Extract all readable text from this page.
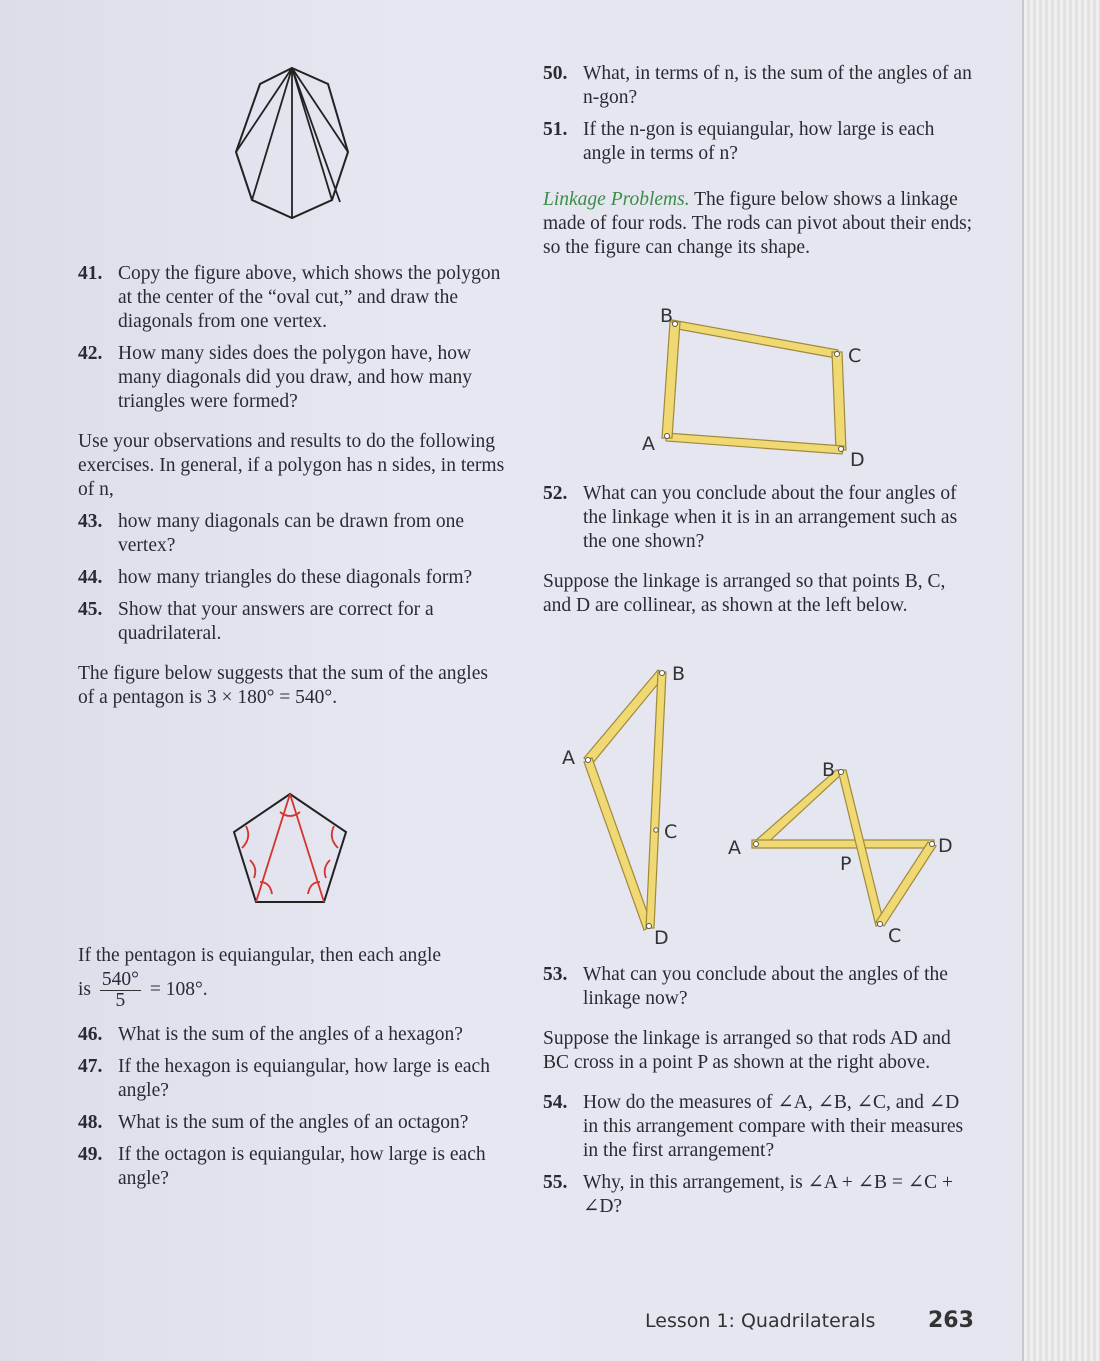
41. Copy the figure above, which shows the polygon at the center of the “oval cut,” and draw the diagonals from one vertex.
42. How many sides does the polygon have, how many diagonals did you draw, and how many triangles were formed?
Use your observations and results to do the following exercises. In general, if a polygon has n sides, in terms of n,
43. how many diagonals can be drawn from one vertex?
44. how many triangles do these diagonals form?
45. Show that your answers are correct for a quadrilateral.
The figure below suggests that the sum of the angles of a pentagon is 3 × 180° = 540°.
If the pentagon is equiangular, then each angle
is $\frac{540^\circ}{5} = 108^\circ$.
46. What is the sum of the angles of a hexagon?
47. If the hexagon is equiangular, how large is each angle?
48. What is the sum of the angles of an octagon?
49. If the octagon is equiangular, how large is each angle?
50. What, in terms of n, is the sum of the angles of an n-gon?
51. If the n-gon is equiangular, how large is each angle in terms of n?
Linkage Problems. The figure below shows a linkage made of four rods. The rods can pivot about their ends; so the figure can change its shape.
B
C
A
D
52. What can you conclude about the four angles of the linkage when it is in an arrangement such as the one shown?
Suppose the linkage is arranged so that points B, C, and D are collinear, as shown at the left below.
B
A
C
D
B
A	D
P
C
53. What can you conclude about the angles of the linkage now?
Suppose the linkage is arranged so that rods AD and BC cross in a point P as shown at the right above.
54. How do the measures of ∠A, ∠B, ∠C, and ∠D in this arrangement compare with their measures in the first arrangement?
55. Why, in this arrangement, is ∠A + ∠B = ∠C + ∠D?
Lesson 1: Quadrilaterals 263
